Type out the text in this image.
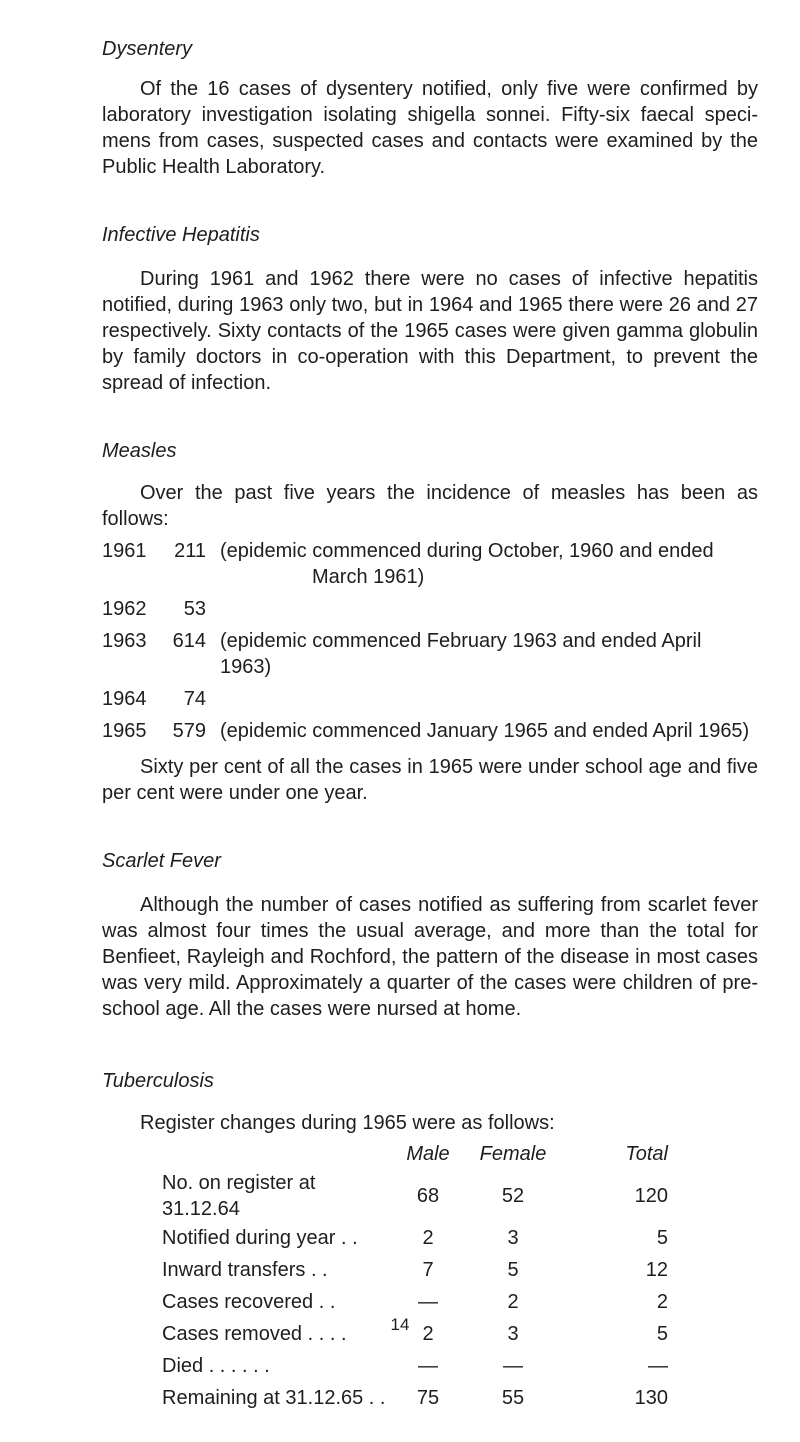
Dysentery

Of the 16 cases of dysentery notified, only five were confirmed by laboratory investigation isolating shigella sonnei. Fifty-six faecal speci- mens from cases, suspected cases and contacts were examined by the Public Health Laboratory.

Infective Hepatitis

During 1961 and 1962 there were no cases of infective hepatitis notified, during 1963 only two, but in 1964 and 1965 there were 26 and 27 respectively. Sixty contacts of the 1965 cases were given gamma globulin by family doctors in co-operation with this Department, to prevent the spread of infection.

Measles

Over the past five years the incidence of measles has been as follows:

1961	211 (epidemic commenced during October, 1960 and ended
March 1961)
1962	53
1963	614 (epidemic commenced February 1963 and ended April 1963)
1964	74
1965	579 (epidemic commenced January 1965 and ended April 1965)

Sixty per cent of all the cases in 1965 were under school age and five per cent were under one year.

Scarlet Fever

Although the number of cases notified as suffering from scarlet fever was almost four times the usual average, and more than the total for Benfieet, Rayleigh and Rochford, the pattern of the disease in most cases was very mild. Approximately a quarter of the cases were children of pre-school age. All the cases were nursed at home.

Tuberculosis

Register changes during 1965 were as follows:

	Male	Female	Total
No. on register at 31.12.64	68	52	120
Notified during year . .	2	3	5
Inward transfers . .	7	5	12
Cases recovered . .	—	2	2
Cases removed . . . .	2	3	5
Died . . . . . .	—	—	—
Remaining at 31.12.65 . .	75	55	130
14
